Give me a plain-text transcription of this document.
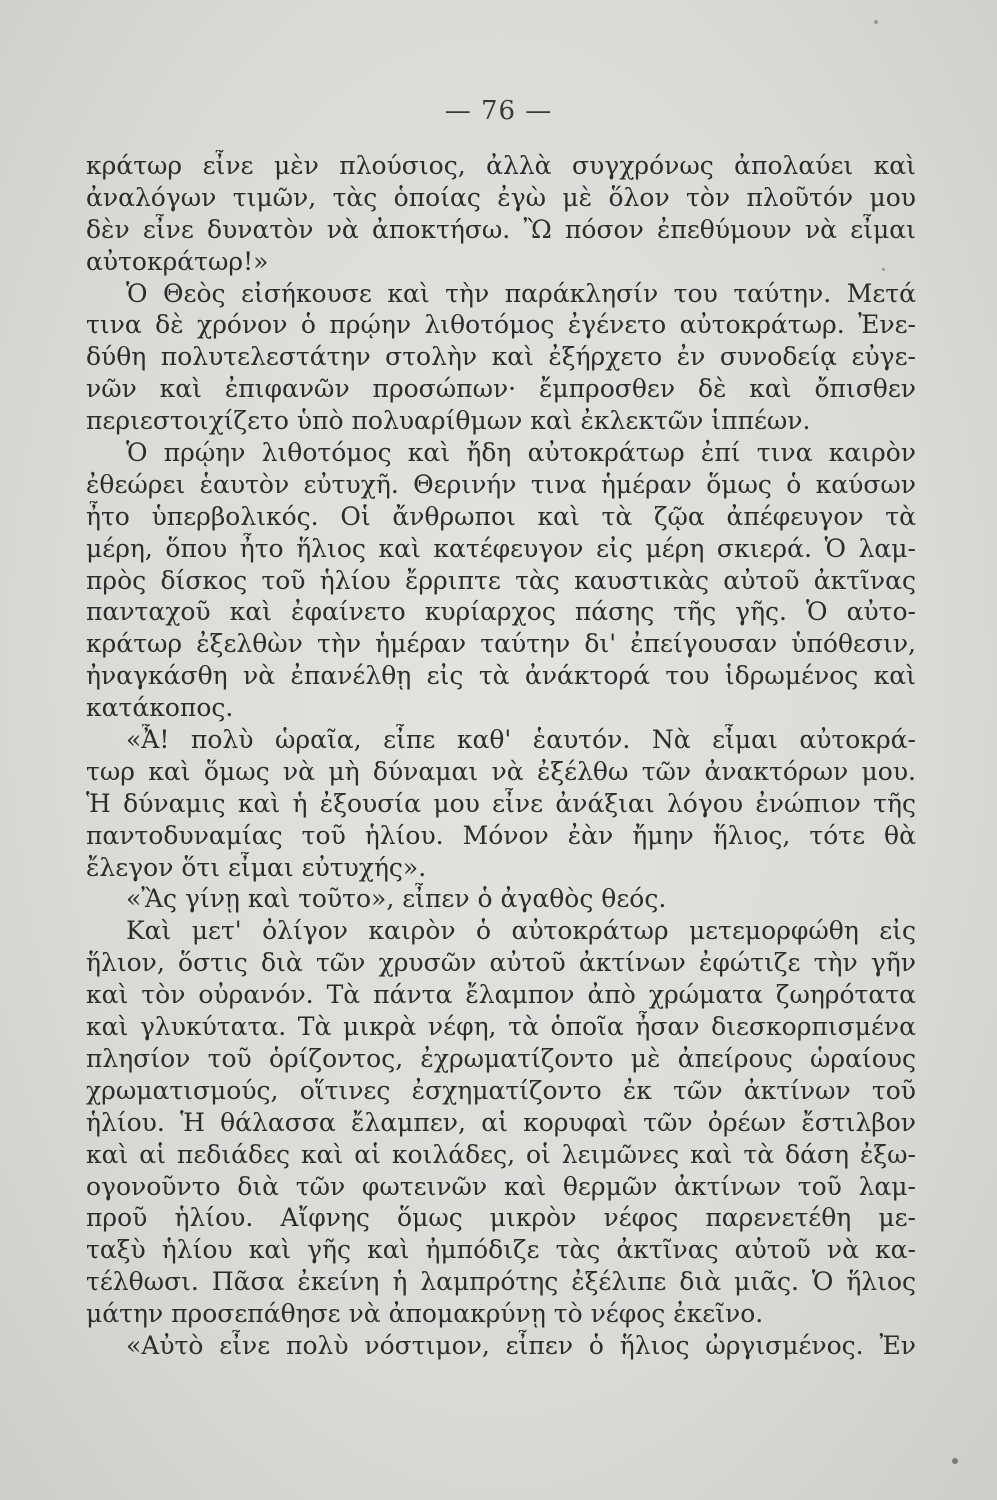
— 76 —
κράτωρ εἶνε μὲν πλούσιος, ἀλλὰ συγχρόνως ἀπολαύει καὶ
ἀναλόγων τιμῶν, τὰς ὁποίας ἐγὼ μὲ ὅλον τὸν πλοῦτόν μου
δὲν εἶνε δυνατὸν νὰ ἀποκτήσω. Ὢ πόσον ἐπεθύμουν νὰ εἶμαι
αὐτοκράτωρ!»
Ὁ Θεὸς εἰσήκουσε καὶ τὴν παράκλησίν του ταύτην. Μετά
τινα δὲ χρόνον ὁ πρῴην λιθοτόμος ἐγένετο αὐτοκράτωρ. Ἐνε-
δύθη πολυτελεστάτην στολὴν καὶ ἐξήρχετο ἐν συνοδείᾳ εὐγε-
νῶν καὶ ἐπιφανῶν προσώπων· ἔμπροσθεν δὲ καὶ ὄπισθεν
περιεστοιχίζετο ὑπὸ πολυαρίθμων καὶ ἐκλεκτῶν ἱππέων.
Ὁ πρῴην λιθοτόμος καὶ ἤδη αὐτοκράτωρ ἐπί τινα καιρὸν
ἐθεώρει ἑαυτὸν εὐτυχῆ. Θερινήν τινα ἡμέραν ὅμως ὁ καύσων
ἦτο ὑπερβολικός. Οἱ ἄνθρωποι καὶ τὰ ζῷα ἀπέφευγον τὰ
μέρη, ὅπου ἦτο ἥλιος καὶ κατέφευγον εἰς μέρη σκιερά. Ὁ λαμ-
πρὸς δίσκος τοῦ ἡλίου ἔρριπτε τὰς καυστικὰς αὐτοῦ ἀκτῖνας
πανταχοῦ καὶ ἐφαίνετο κυρίαρχος πάσης τῆς γῆς. Ὁ αὐτο-
κράτωρ ἐξελθὼν τὴν ἡμέραν ταύτην δι' ἐπείγουσαν ὑπόθεσιν,
ἠναγκάσθη νὰ ἐπανέλθῃ εἰς τὰ ἀνάκτορά του ἱδρωμένος καὶ
κατάκοπος.
«Ἆ! πολὺ ὡραῖα, εἶπε καθ' ἑαυτόν. Νὰ εἶμαι αὐτοκρά-
τωρ καὶ ὅμως νὰ μὴ δύναμαι νὰ ἐξέλθω τῶν ἀνακτόρων μου.
Ἡ δύναμις καὶ ἡ ἐξουσία μου εἶνε ἀνάξιαι λόγου ἐνώπιον τῆς
παντοδυναμίας τοῦ ἡλίου. Μόνον ἐὰν ἤμην ἥλιος, τότε θὰ
ἔλεγον ὅτι εἶμαι εὐτυχής».
«Ἂς γίνῃ καὶ τοῦτο», εἶπεν ὁ ἀγαθὸς θεός.
Καὶ μετ' ὀλίγον καιρὸν ὁ αὐτοκράτωρ μετεμορφώθη εἰς
ἥλιον, ὅστις διὰ τῶν χρυσῶν αὐτοῦ ἀκτίνων ἐφώτιζε τὴν γῆν
καὶ τὸν οὐρανόν. Τὰ πάντα ἔλαμπον ἀπὸ χρώματα ζωηρότατα
καὶ γλυκύτατα. Τὰ μικρὰ νέφη, τὰ ὁποῖα ἦσαν διεσκορπισμένα
πλησίον τοῦ ὁρίζοντος, ἐχρωματίζοντο μὲ ἀπείρους ὡραίους
χρωματισμούς, οἵτινες ἐσχηματίζοντο ἐκ τῶν ἀκτίνων τοῦ
ἡλίου. Ἡ θάλασσα ἔλαμπεν, αἱ κορυφαὶ τῶν ὀρέων ἔστιλβον
καὶ αἱ πεδιάδες καὶ αἱ κοιλάδες, οἱ λειμῶνες καὶ τὰ δάση ἐξω-
ογονοῦντο διὰ τῶν φωτεινῶν καὶ θερμῶν ἀκτίνων τοῦ λαμ-
προῦ ἡλίου. Αἴφνης ὅμως μικρὸν νέφος παρενετέθη με-
ταξὺ ἡλίου καὶ γῆς καὶ ἠμπόδιζε τὰς ἀκτῖνας αὐτοῦ νὰ κα-
τέλθωσι. Πᾶσα ἐκείνη ἡ λαμπρότης ἐξέλιπε διὰ μιᾶς. Ὁ ἥλιος
μάτην προσεπάθησε νὰ ἀπομακρύνῃ τὸ νέφος ἐκεῖνο.
«Αὐτὸ εἶνε πολὺ νόστιμον, εἶπεν ὁ ἥλιος ὠργισμένος. Ἐν
